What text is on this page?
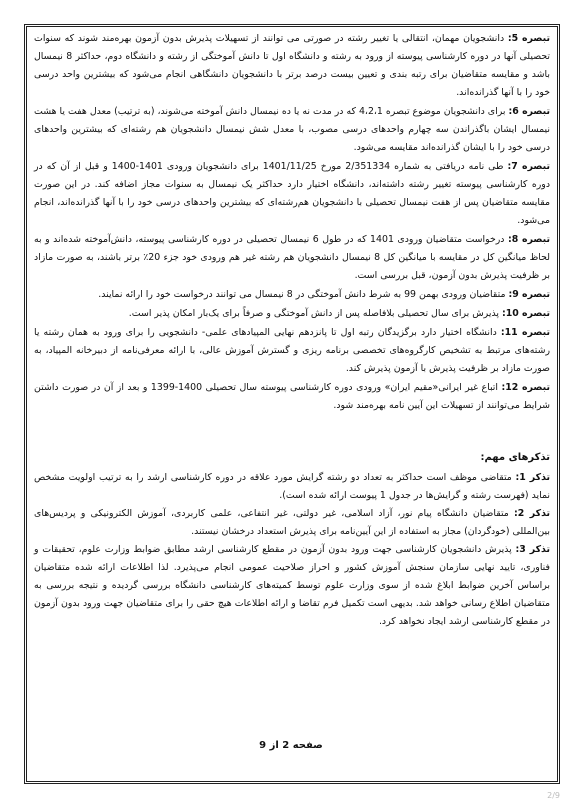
تبصره 5: دانشجویان مهمان، انتقالی یا تغییر رشته در صورتی می توانند از تسهیلات پذیرش بدون آزمون بهره‌مند شوند که سنوات تحصیلی آنها در دوره کارشناسی پیوسته از ورود به رشته و دانشگاه اول تا دانش آموختگی از رشته و دانشگاه دوم، حداکثر 8 نیمسال باشد و مقایسه متقاضیان برای رتبه بندی و تعیین بیست درصد برتر با دانشجویان دانشگاهی انجام می‌شود که بیشترین واحد درسی خود را با آنها گذرانده‌اند.

تبصره 6: برای دانشجویان موضوع تبصره 4،2،1 که در مدت نه یا ده نیمسال دانش آموخته می‌شوند، (به ترتیب) معدل هفت یا هشت نیمسال ایشان باگذراندن سه چهارم واحدهای درسی مصوب، با معدل شش نیمسال دانشجویان هم رشته‌ای که بیشترین واحدهای درسی خود را با ایشان گذرانده‌اند مقایسه می‌شود.

تبصره 7: طی نامه دریافتی به شماره 2/351334 مورخ 1401/11/25 برای دانشجویان ورودی 1401-1400 و قبل از آن که در دوره کارشناسی پیوسته تغییر رشته داشته‌اند، دانشگاه اختیار دارد حداکثر یک نیمسال به سنوات مجاز اضافه کند. در این صورت مقایسه متقاضیان پس از هفت نیمسال تحصیلی با دانشجویان هم‌رشته‌ای که بیشترین واحدهای درسی خود را با آنها گذرانده‌اند، انجام می‌شود.

تبصره 8: درخواست متقاضیان ورودی 1401 که در طول 6 نیمسال تحصیلی در دوره کارشناسی پیوسته، دانش‌آموخته شده‌اند و به لحاظ میانگین کل در مقایسه با میانگین کل 8 نیمسال دانشجویان هم رشته غیر هم ورودی خود جزء 20٪ برتر باشند، به صورت مازاد بر ظرفیت پذیرش بدون آزمون، قبل بررسی است.

تبصره 9: متقاضیان ورودی بهمن 99 به شرط دانش آموختگی در 8 نیمسال می توانند درخواست خود را ارائه نمایند.

تبصره 10: پذیرش برای سال تحصیلی بلافاصله پس از دانش آموختگی و صرفاً برای یک‌بار امکان پذیر است.

تبصره 11: دانشگاه اختیار دارد برگزیدگان رتبه اول تا پانزدهم نهایی المپیادهای علمی- دانشجویی را برای ورود به همان رشته یا رشته‌های مرتبط به تشخیص کارگروه‌های تخصصی برنامه ریزی و گسترش آموزش عالی، با ارائه معرفی‌نامه از دبیرخانه المپیاد، به صورت مازاد بر ظرفیت پذیرش با آزمون پذیرش کند.

تبصره 12: اتباع غیر ایرانی«مقیم ایران» ورودی دوره کارشناسی پیوسته سال تحصیلی 1400-1399 و بعد از آن در صورت داشتن شرایط می‌توانند از تسهیلات این آیین نامه بهره‌مند شود.

تذکرهای مهم:

تذکر 1: متقاضی موظف است حداکثر به تعداد دو رشته گرایش مورد علاقه در دوره کارشناسی ارشد را به ترتیب اولویت مشخص نماید (فهرست رشته و گرایش‌ها در جدول 1 پیوست ارائه شده است).

تذکر 2: متقاضیان دانشگاه پیام نور، آزاد اسلامی، غیر دولتی، غیر انتفاعی، علمی کاربردی، آموزش الکترونیکی و پردیس‌های بین‌المللی (خودگردان) مجاز به استفاده از این آیین‌نامه برای پذیرش استعداد درخشان نیستند.

تذکر 3: پذیرش دانشجویان کارشناسی جهت ورود بدون آزمون در مقطع کارشناسی ارشد مطابق ضوابط وزارت علوم، تحقیقات و فناوری، تایید نهایی سازمان سنجش آموزش کشور و احراز صلاحیت عمومی انجام می‌پذیرد. لذا اطلاعات ارائه شده متقاضیان براساس آخرین ضوابط ابلاغ شده از سوی وزارت علوم توسط کمیته‌های کارشناسی دانشگاه بررسی گردیده و نتیجه بررسی به متقاضیان اطلاع رسانی خواهد شد. بدیهی است تکمیل فرم تقاضا و ارائه اطلاعات هیچ حقی را برای متقاضیان جهت ورود بدون آزمون در مقطع کارشناسی ارشد ایجاد نخواهد کرد.

صفحه 2 از 9
2/9
